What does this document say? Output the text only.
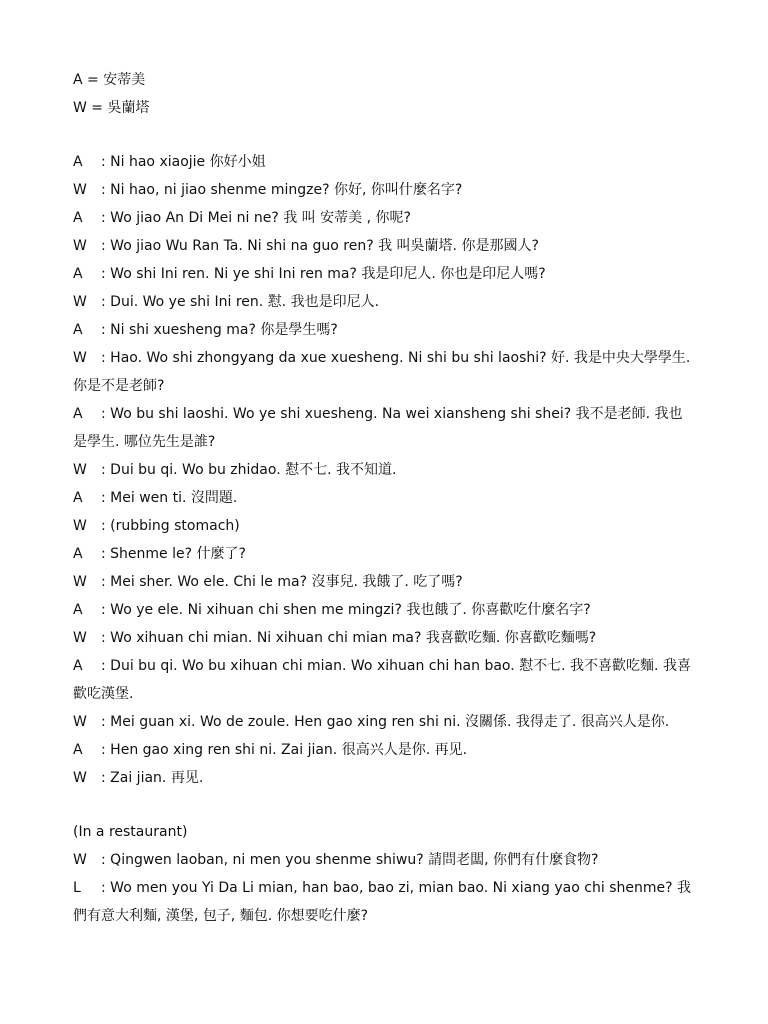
A = 安蒂美
W = 吳蘭塔
A : Ni hao xiaojie 你好小姐
W : Ni hao, ni jiao shenme mingze? 你好, 你叫什麼名字?
A : Wo jiao An Di Mei ni ne? 我 叫 安蒂美 , 你呢?
W : Wo jiao Wu Ran Ta. Ni shi na guo ren? 我 叫吳蘭塔. 你是那國人?
A : Wo shi Ini ren. Ni ye shi Ini ren ma? 我是印尼人. 你也是印尼人嗎?
W : Dui. Wo ye shi Ini ren. 懟. 我也是印尼人.
A : Ni shi xuesheng ma? 你是學生嗎?
W : Hao. Wo shi zhongyang da xue xuesheng. Ni shi bu shi laoshi? 好. 我是中央大學學生. 你是不是老師?
A : Wo bu shi laoshi. Wo ye shi xuesheng. Na wei xiansheng shi shei? 我不是老師. 我也是學生. 哪位先生是誰?
W : Dui bu qi. Wo bu zhidao. 懟不七. 我不知道.
A : Mei wen ti. 沒問題.
W : (rubbing stomach)
A : Shenme le? 什麼了?
W : Mei sher. Wo ele. Chi le ma? 沒事兒. 我餓了. 吃了嗎?
A : Wo ye ele. Ni xihuan chi shen me mingzi? 我也餓了. 你喜歡吃什麼名字?
W : Wo xihuan chi mian. Ni xihuan chi mian ma? 我喜歡吃麵. 你喜歡吃麵嗎?
A : Dui bu qi. Wo bu xihuan chi mian. Wo xihuan chi han bao. 懟不七. 我不喜歡吃麵. 我喜歡吃漢堡.
W : Mei guan xi. Wo de zoule. Hen gao xing ren shi ni. 沒關係. 我得走了. 很高兴人是你.
A : Hen gao xing ren shi ni. Zai jian. 很高兴人是你. 再见.
W : Zai jian. 再见.
(In a restaurant)
W : Qingwen laoban, ni men you shenme shiwu? 請問老闆, 你們有什麼食物?
L : Wo men you Yi Da Li mian, han bao, bao zi, mian bao. Ni xiang yao chi shenme? 我們有意大利麵, 漢堡, 包子, 麵包. 你想要吃什麼?
